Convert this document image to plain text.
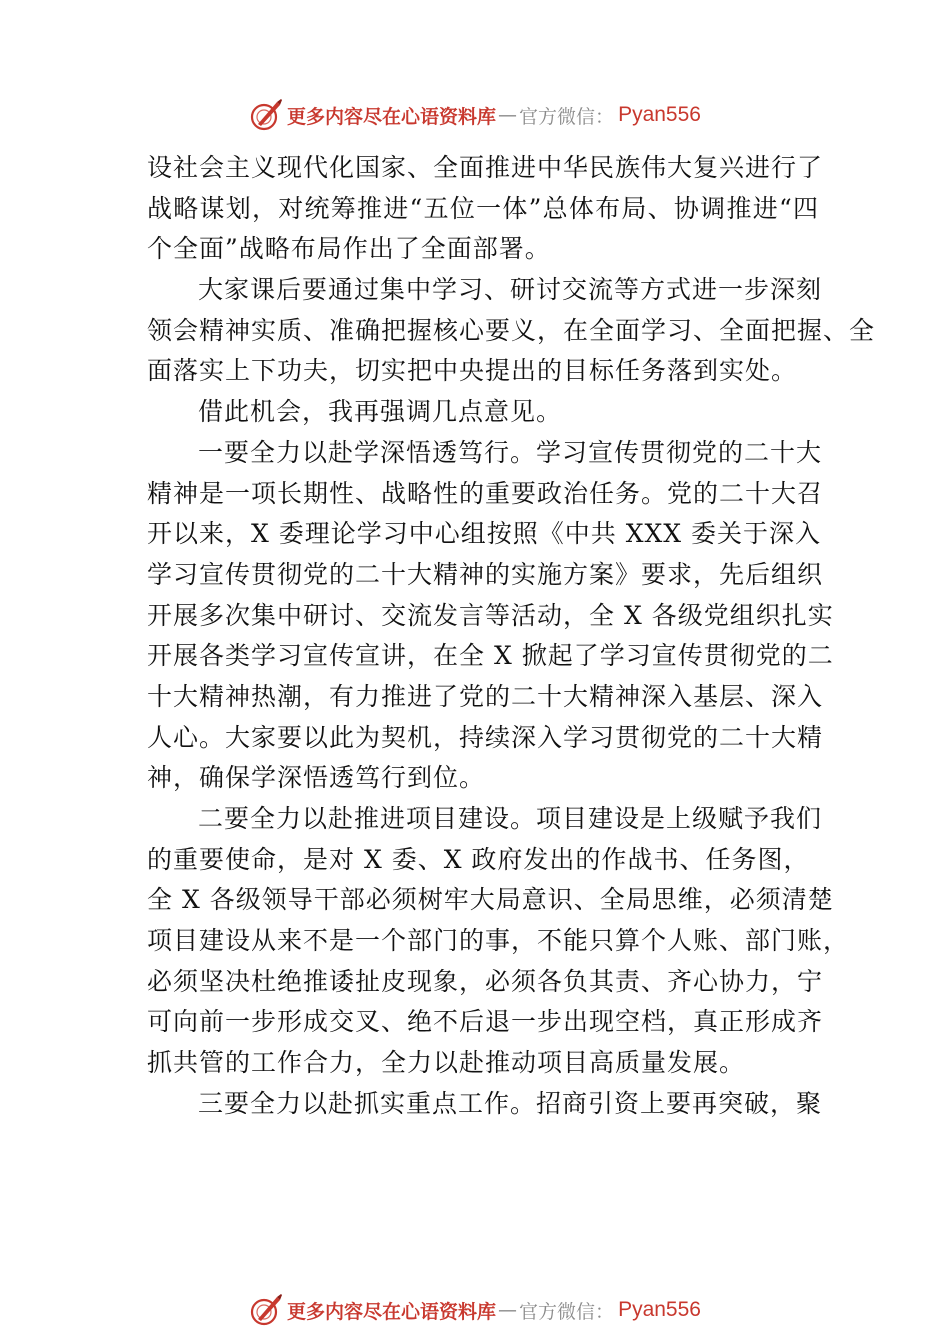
更多内容尽在心语资料库 — 官方微信： Pyan556
设社会主义现代化国家、全面推进中华民族伟大复兴进行了
战略谋划，对统筹推进“五位一体”总体布局、协调推进“四
个全面”战略布局作出了全面部署。
大家课后要通过集中学习、研讨交流等方式进一步深刻
领会精神实质、准确把握核心要义，在全面学习、全面把握、全
面落实上下功夫，切实把中央提出的目标任务落到实处。
借此机会，我再强调几点意见。
一要全力以赴学深悟透笃行。学习宣传贯彻党的二十大
精神是一项长期性、战略性的重要政治任务。党的二十大召
开以来，X 委理论学习中心组按照《中共 XXX 委关于深入
学习宣传贯彻党的二十大精神的实施方案》要求，先后组织
开展多次集中研讨、交流发言等活动，全 X 各级党组织扎实
开展各类学习宣传宣讲，在全 X 掀起了学习宣传贯彻党的二
十大精神热潮，有力推进了党的二十大精神深入基层、深入
人心。大家要以此为契机，持续深入学习贯彻党的二十大精
神，确保学深悟透笃行到位。
二要全力以赴推进项目建设。项目建设是上级赋予我们
的重要使命，是对 X 委、X 政府发出的作战书、任务图，
全 X 各级领导干部必须树牢大局意识、全局思维，必须清楚
项目建设从来不是一个部门的事，不能只算个人账、部门账，
必须坚决杜绝推诿扯皮现象，必须各负其责、齐心协力，宁
可向前一步形成交叉、绝不后退一步出现空档，真正形成齐
抓共管的工作合力，全力以赴推动项目高质量发展。
三要全力以赴抓实重点工作。招商引资上要再突破，聚
更多内容尽在心语资料库 — 官方微信： Pyan556
